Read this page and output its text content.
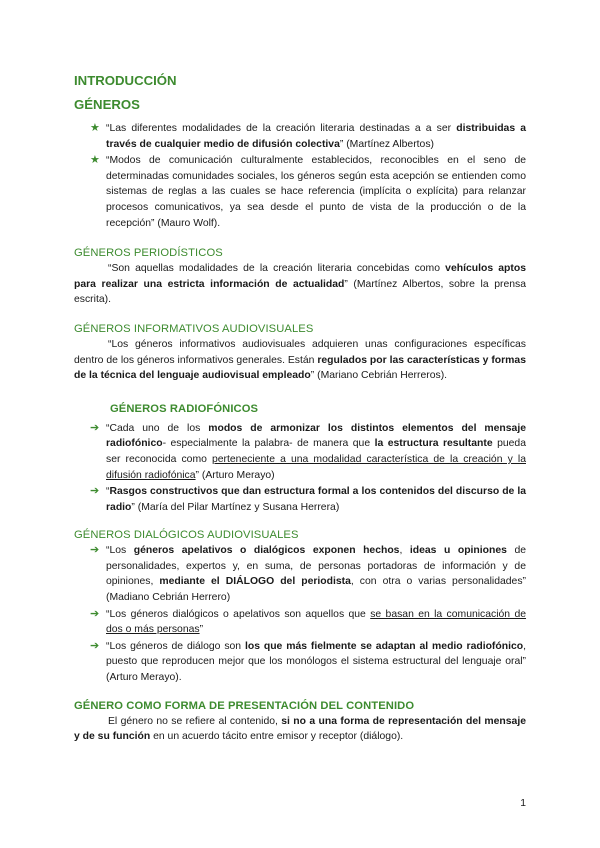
INTRODUCCIÓN
GÉNEROS
★ “Las diferentes modalidades de la creación literaria destinadas a a ser distribuidas a través de cualquier medio de difusión colectiva” (Martínez Albertos)
★ “Modos de comunicación culturalmente establecidos, reconocibles en el seno de determinadas comunidades sociales, los géneros según esta acepción se entienden como sistemas de reglas a las cuales se hace referencia (implícita o explícita) para relanzar procesos comunicativos, ya sea desde el punto de vista de la producción o de la recepción” (Mauro Wolf).
GÉNEROS PERIODÍSTICOS

“Son aquellas modalidades de la creación literaria concebidas como vehículos aptos para realizar una estricta información de actualidad” (Martínez Albertos, sobre la prensa escrita).

GÉNEROS INFORMATIVOS AUDIOVISUALES

“Los géneros informativos audiovisuales adquieren unas configuraciones específicas dentro de los géneros informativos generales. Están regulados por las características y formas de la técnica del lenguaje audiovisual empleado” (Mariano Cebrián Herreros).

GÉNEROS RADIOFÓNICOS
➔ “Cada uno de los modos de armonizar los distintos elementos del mensaje radiofónico- especialmente la palabra- de manera que la estructura resultante pueda ser reconocida como perteneciente a una modalidad característica de la creación y la difusión radiofónica” (Arturo Merayo)
➔ “Rasgos constructivos que dan estructura formal a los contenidos del discurso de la radio” (María del Pilar Martínez y Susana Herrera)
GÉNEROS DIALÓGICOS AUDIOVISUALES
➔ “Los géneros apelativos o dialógicos exponen hechos, ideas u opiniones de personalidades, expertos y, en suma, de personas portadoras de información y de opiniones, mediante el DIÁLOGO del periodista, con otra o varias personalidades” (Madiano Cebrián Herrero)
➔ “Los géneros dialógicos o apelativos son aquellos que se basan en la comunicación de dos o más personas”
➔ “Los géneros de diálogo son los que más fielmente se adaptan al medio radiofónico, puesto que reproducen mejor que los monólogos el sistema estructural del lenguaje oral” (Arturo Merayo).
GÉNERO COMO FORMA DE PRESENTACIÓN DEL CONTENIDO

El género no se refiere al contenido, si no a una forma de representación del mensaje y de su función en un acuerdo tácito entre emisor y receptor (diálogo).

1
